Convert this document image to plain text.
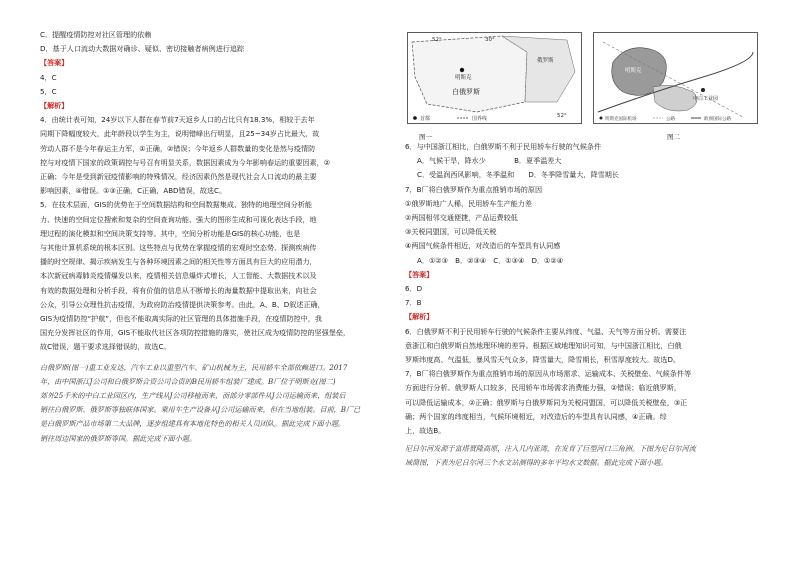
C．提醒疫情防控对社区管理的依赖
D．基于人口流动大数据对确诊、疑似、密切接触者病例进行追踪
【答案】
4．C
5．C
【解析】
4．由统计表可知，24岁以下人群在春节前7天返乡人口的占比只有18.3%，相较于去年
同期下降幅度较大，此年龄段以学生为主，说明错峰出行明显，且25~34岁占比最大，故
劳动人群不是今年春运主力军，①正确，②错误；今年返乡人群数量的变化是然与疫情防
控与对疫情下国家的政策调控与号召有明显关系，数据因素成为今年影响春运的重要因素，②
正确；今年是受到新冠疫情影响的特殊情况，经济因素仍然是现代社会人口流动的最主要
影响因素，④错误。①③正确，C正确，ABD错误，故选C。
5．在技术层面，GIS的优势在于空间数据结构和空间数据集成、独特的地理空间分析能
力、快速的空间定位搜索和复杂的空间查询功能、强大的图形生成和可视化表达手段，地
理过程的演化模拟和空间决策支持等。其中，空间分析功能是GIS的核心功能，也是
与其他计算机系统的根本区别。这些特点与优势在掌握疫情的宏观时空态势、探测疾病传
播的时空规律、揭示疾病发生与各种环境因素之间的相关性等方面具有巨大的应用潜力，
本次新冠病毒肺炎疫情爆发以来，疫情相关信息爆炸式增长，人工智能、大数据技术以及
有效的数据处理和分析手段，将有价值的信息从不断增长的海量数据中提取出来，向社会
公众，引导公众理性抗击疫情，为政府防治疫情提供决策参考。由此，A、B、D叙述正确，
GIS为疫情防控“护航”，但也不能取离实际的社区管理的具体措施手段，在疫情防控中，我
国充分发挥社区的作用，GIS不能取代社区各项防控措施的落实，使社区成为疫情防控的坚强堡垒，
故C错误，题干要求选择错误的，故选C。
白俄罗斯(图一)重工业发达，汽车工业以重型汽车、矿山机械为主，民用轿车全部依赖进口。2017
年，由中国浙江J公司和白俄罗斯合资公司合资的B民用轿车组装厂建成。B厂位于明斯克(图二)
郊外25千米的中白工业园区内，生产线从J公司移植而来，而部分零部件从J公司运输而来，组装后
销往白俄罗斯、俄罗斯等独联体国家。乘用车生产设备从J公司运输而来，但在当地组装。目前，B厂已
是白俄罗斯产品市场第二大品牌，逐步组建具有本地化特色的相关人员团队。据此完成下面小题。
销往周边国家的俄罗斯等国。据此完成下面小题。
52°	30°
52°
白俄罗斯
明斯克
俄罗斯
首都	国界线
图一
明斯克
中白工业园
明斯克国际机场	公路	欧洲国际公路
图二
6．与中国浙江相比，白俄罗斯不利于民用轿车行驶的气候条件
A．气候干旱，降水少　　　　B．夏季温差大
C．受温润西风影响，冬季温和　　D．冬季降雪量大，降雪期长
7．B厂将白俄罗斯作为重点推销市场的原因
①俄罗斯地广人稀，民用轿车生产能力差
②两国相邻交通便捷，产品运费较低
③关税同盟国，可以降低关税
④两国气候条件相近，对改造后的车型具有认同感
A．①②③　B．②③④　C．①③④　D．①②④
【答案】
6．D
7．B
【解析】
6．白俄罗斯不利于民用轿车行驶的气候条件主要从纬度、气温、天气等方面分析。需要注
意浙江和白俄罗斯自然地理环境的差异。根据区域地理知识可知，与中国浙江相比，白俄
罗斯纬度高、气温低，暴风雪天气众多，降雪量大，降雪期长，积雪厚度较大。故选D。
7．B厂将白俄罗斯作为重点推销市场的原因从市场需求、运输成本、关税壁垒、气候条件等
方面进行分析。俄罗斯人口较多，民用轿车市场需求消费能力强，②错误；临近俄罗斯，
可以降低运输成本，②正确；俄罗斯与白俄罗斯同为关税同盟国，可以降低关税壁垒，③正
确；两个国家的纬度相当，气候环境相近，对改造后的车型具有认同感，④正确。综
上，故选B。
尼日尔河发源于富塔贾隆高原，注入几内亚湾，在发育了巨型河口三角洲。下图为尼日尔河流
域简图，下表为尼日尔河三个水文站测得的多年平均水文数据。据此完成下面小题。
